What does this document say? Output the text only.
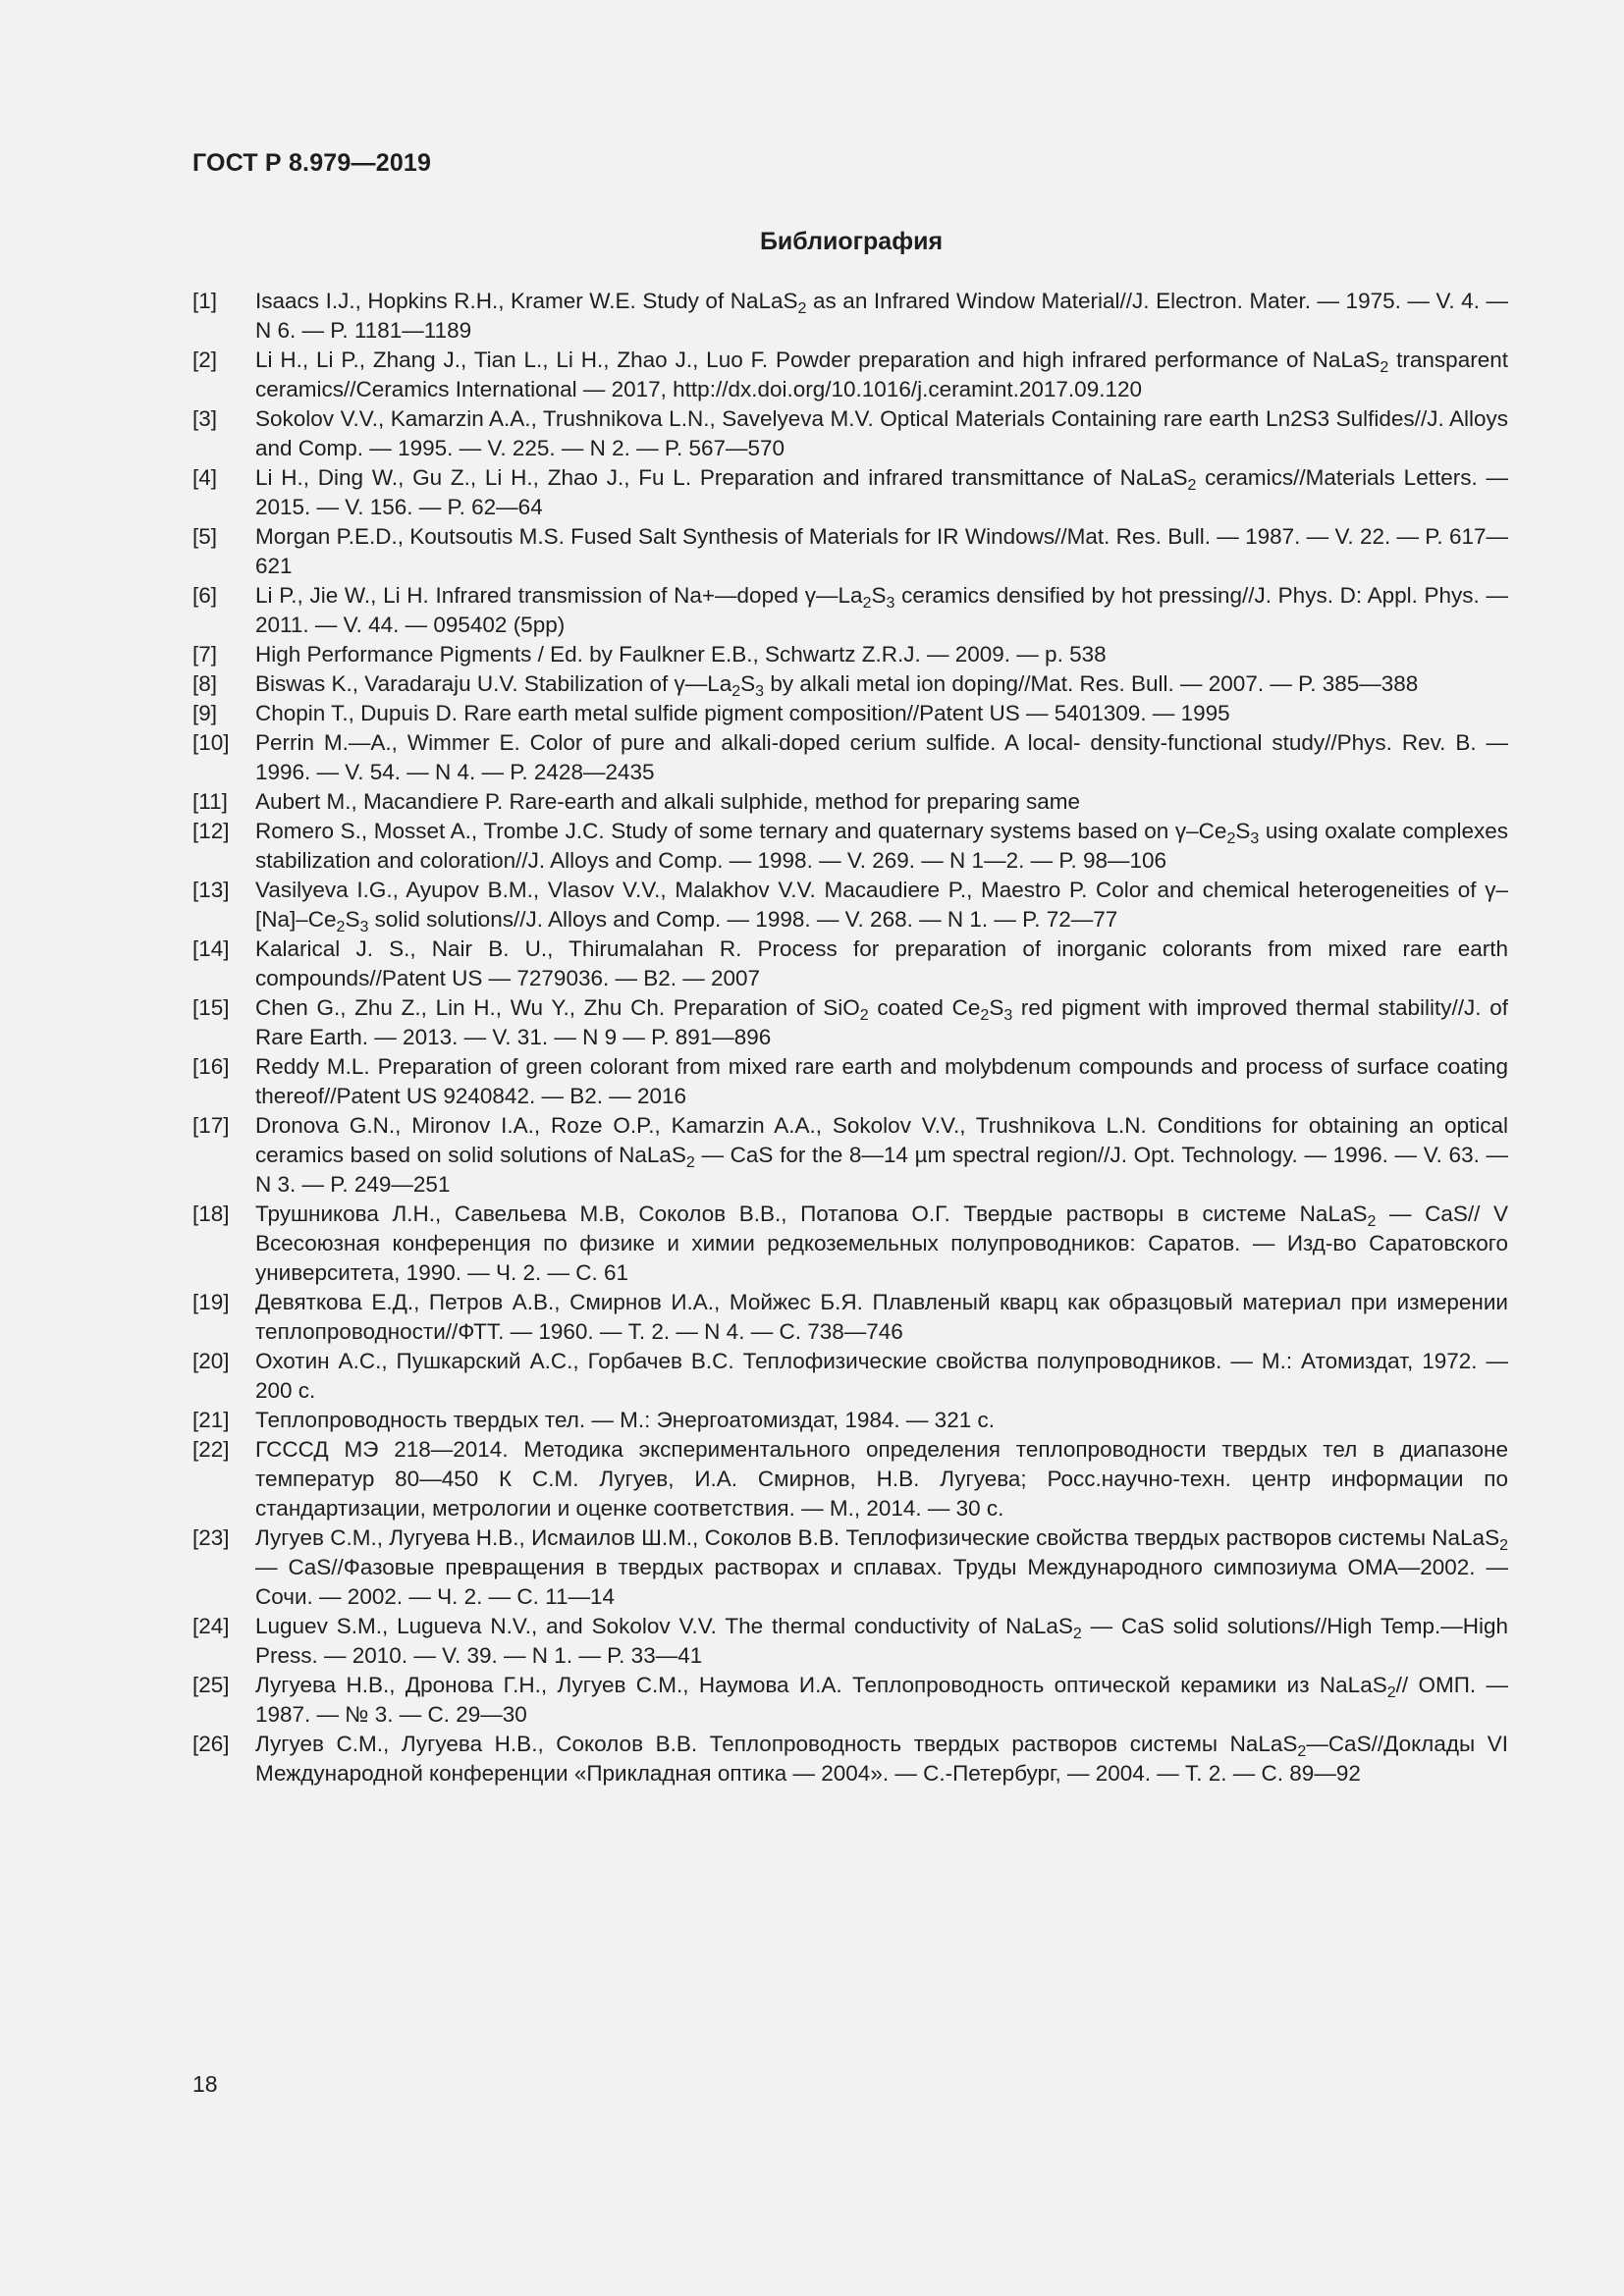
ГОСТ Р 8.979—2019
Библиография
[1] Isaacs I.J., Hopkins R.H., Kramer W.E. Study of NaLaS$_2$ as an Infrared Window Material//J. Electron. Mater. — 1975. — V. 4. — N 6. — P. 1181—1189
[2] Li H., Li P., Zhang J., Tian L., Li H., Zhao J., Luo F. Powder preparation and high infrared performance of NaLaS$_2$ transparent ceramics//Ceramics International — 2017, http://dx.doi.org/10.1016/j.ceramint.2017.09.120
[3] Sokolov V.V., Kamarzin A.A., Trushnikova L.N., Savelyeva M.V. Optical Materials Containing rare earth Ln2S3 Sulfides//J. Alloys and Comp. — 1995. — V. 225. — N 2. — P. 567—570
[4] Li H., Ding W., Gu Z., Li H., Zhao J., Fu L. Preparation and infrared transmittance of NaLaS$_2$ ceramics//Materials Letters. — 2015. — V. 156. — P. 62—64
[5] Morgan P.E.D., Koutsoutis M.S. Fused Salt Synthesis of Materials for IR Windows//Mat. Res. Bull. — 1987. — V. 22. — P. 617—621
[6] Li P., Jie W., Li H. Infrared transmission of Na+—doped $\gamma—La_2S_3$ ceramics densified by hot pressing//J. Phys. D: Appl. Phys. — 2011. — V. 44. — 095402 (5pp)
[7] High Performance Pigments / Ed. by Faulkner E.B., Schwartz Z.R.J. — 2009. — p. 538
[8] Biswas K., Varadaraju U.V. Stabilization of $\gamma—La_2S_3$ by alkali metal ion doping//Mat. Res. Bull. — 2007. — P. 385—388
[9] Chopin T., Dupuis D. Rare earth metal sulfide pigment composition//Patent US — 5401309. — 1995
[10] Perrin M.—A., Wimmer E. Color of pure and alkali-doped cerium sulfide. A local- density-functional study//Phys. Rev. B. — 1996. — V. 54. — N 4. — P. 2428—2435
[11] Aubert M., Macandiere P. Rare-earth and alkali sulphide, method for preparing same
[12] Romero S., Mosset A., Trombe J.C. Study of some ternary and quaternary systems based on $\gamma-Ce_2S_3$ using oxalate complexes stabilization and coloration//J. Alloys and Comp. — 1998. — V. 269. — N 1—2. — P. 98—106
[13] Vasilyeva I.G., Ayupov B.M., Vlasov V.V., Malakhov V.V. Macaudiere P., Maestro P. Color and chemical heterogeneities of $\gamma-[Na]-Ce_2S_3$ solid solutions//J. Alloys and Comp. — 1998. — V. 268. — N 1. — P. 72—77
[14] Kalarical J. S., Nair B. U., Thirumalahan R. Process for preparation of inorganic colorants from mixed rare earth compounds//Patent US — 7279036. — B2. — 2007
[15] Chen G., Zhu Z., Lin H., Wu Y., Zhu Ch. Preparation of SiO$_2$ coated $Ce_2S_3$ red pigment with improved thermal stability//J. of Rare Earth. — 2013. — V. 31. — N 9 — P. 891—896
[16] Reddy M.L. Preparation of green colorant from mixed rare earth and molybdenum compounds and process of surface coating thereof//Patent US 9240842. — B2. — 2016
[17] Dronova G.N., Mironov I.A., Roze O.P., Kamarzin A.A., Sokolov V.V., Trushnikova L.N. Conditions for obtaining an optical ceramics based on solid solutions of NaLaS$_2$ — CaS for the 8—14 µm spectral region//J. Opt. Technology. — 1996. — V. 63. — N 3. — P. 249—251
[18] Трушникова Л.Н., Савельева М.В, Соколов В.В., Потапова О.Г. Твердые растворы в системе NaLaS$_2$ — CaS// V Всесоюзная конференция по физике и химии редкоземельных полупроводников: Саратов. — Изд-во Саратовского университета, 1990. — Ч. 2. — С. 61
[19] Девяткова Е.Д., Петров А.В., Смирнов И.А., Мойжес Б.Я. Плавленый кварц как образцовый материал при измерении теплопроводности//ФТТ. — 1960. — Т. 2. — N 4. — С. 738—746
[20] Охотин А.С., Пушкарский А.С., Горбачев В.С. Теплофизические свойства полупроводников. — М.: Атомиздат, 1972. — 200 с.
[21] Теплопроводность твердых тел. — М.: Энергоатомиздат, 1984. — 321 с.
[22] ГСССД МЭ 218—2014. Методика экспериментального определения теплопроводности твердых тел в диапазоне температур 80—450 К С.М. Лугуев, И.А. Смирнов, Н.В. Лугуева; Росс.научно-техн. центр информации по стандартизации, метрологии и оценке соответствия. — М., 2014. — 30 с.
[23] Лугуев С.М., Лугуева Н.В., Исмаилов Ш.М., Соколов В.В. Теплофизические свойства твердых растворов системы NaLaS$_2$ — CaS//Фазовые превращения в твердых растворах и сплавах. Труды Международного симпозиума ОМА—2002. — Сочи. — 2002. — Ч. 2. — С. 11—14
[24] Luguev S.M., Lugueva N.V., and Sokolov V.V. The thermal conductivity of NaLaS$_2$ — CaS solid solutions//High Temp.—High Press. — 2010. — V. 39. — N 1. — P. 33—41
[25] Лугуева Н.В., Дронова Г.Н., Лугуев С.М., Наумова И.А. Теплопроводность оптической керамики из NaLaS$_2$// ОМП. — 1987. — № 3. — С. 29—30
[26] Лугуев С.М., Лугуева Н.В., Соколов В.В. Теплопроводность твердых растворов системы NaLaS$_2$—CaS//Доклады VI Международной конференции «Прикладная оптика — 2004». — С.-Петербург, — 2004. — Т. 2. — С. 89—92
18
